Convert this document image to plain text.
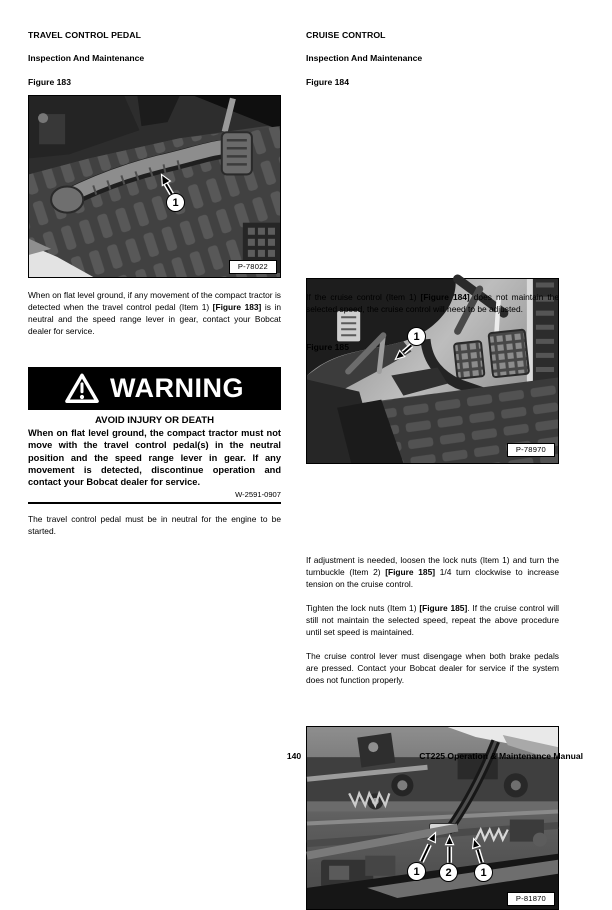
TRAVEL CONTROL PEDAL
Inspection And Maintenance
Figure 183
1
P-78022
When on flat level ground, if any movement of the compact tractor is detected when the travel control pedal (Item 1) [Figure 183] is in neutral and the speed range lever in gear, contact your Bobcat dealer for service.
WARNING
AVOID INJURY OR DEATH
When on flat level ground, the compact tractor must not move with the travel control pedal(s) in the neutral position and the speed range lever in gear. If any movement is detected, discontinue operation and contact your Bobcat dealer for service.
W-2591-0907
The travel control pedal must be in neutral for the engine to be started.
CRUISE CONTROL
Inspection And Maintenance
Figure 184
1
P-78970
If the cruise control (Item 1) [Figure 184] does not maintain the selected speed, the cruise control will need to be adjusted.
Figure 185
1	2	1
P-81870
If adjustment is needed, loosen the lock nuts (Item 1) and turn the turnbuckle (Item 2) [Figure 185] 1/4 turn clockwise to increase tension on the cruise control.
Tighten the lock nuts (Item 1) [Figure 185]. If the cruise control will still not maintain the selected speed, repeat the above procedure until set speed is maintained.
The cruise control lever must disengage when both brake pedals are pressed. Contact your Bobcat dealer for service if the system does not function properly.
140	CT225 Operation & Maintenance Manual
